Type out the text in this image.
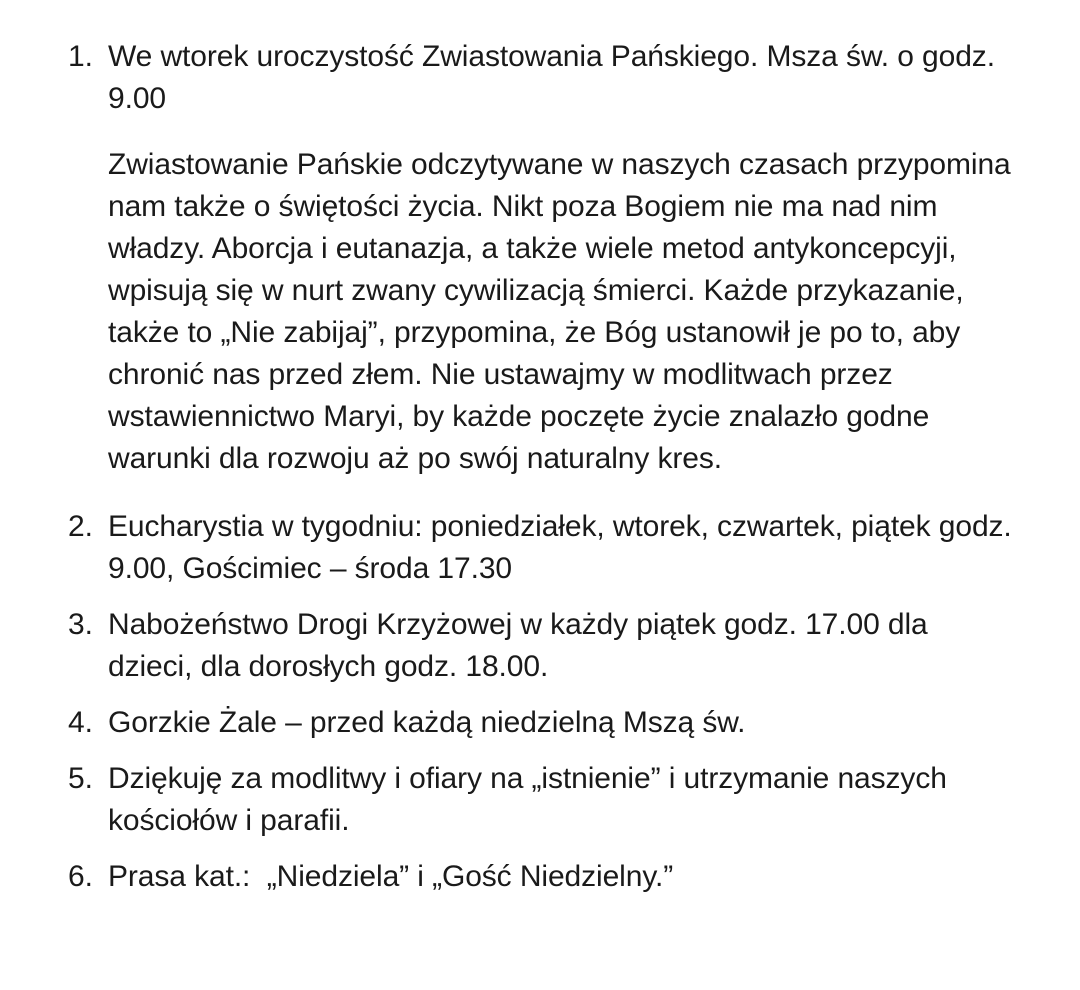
1. We wtorek uroczystość Zwiastowania Pańskiego. Msza św. o godz. 9.00
Zwiastowanie Pańskie odczytywane w naszych czasach przypomina nam także o świętości życia. Nikt poza Bogiem nie ma nad nim władzy. Aborcja i eutanazja, a także wiele metod antykoncepcyji, wpisują się w nurt zwany cywilizacją śmierci. Każde przykazanie, także to „Nie zabijaj”, przypomina, że Bóg ustanowił je po to, aby chronić nas przed złem. Nie ustawajmy w modlitwach przez wstawiennictwo Maryi, by każde poczęte życie znalazło godne warunki dla rozwoju aż po swój naturalny kres.
2. Eucharystia w tygodniu: poniedziałek, wtorek, czwartek, piątek godz. 9.00, Gościmiec – środa 17.30
3. Nabożeństwo Drogi Krzyżowej w każdy piątek godz. 17.00 dla dzieci, dla dorosłych godz. 18.00.
4. Gorzkie Żale – przed każdą niedzielną Mszą św.
5. Dziękuję za modlitwy i ofiary na „istnienie” i utrzymanie naszych kościołów i parafii.
6. Prasa kat.:  „Niedziela” i „Gość Niedzielny.”
